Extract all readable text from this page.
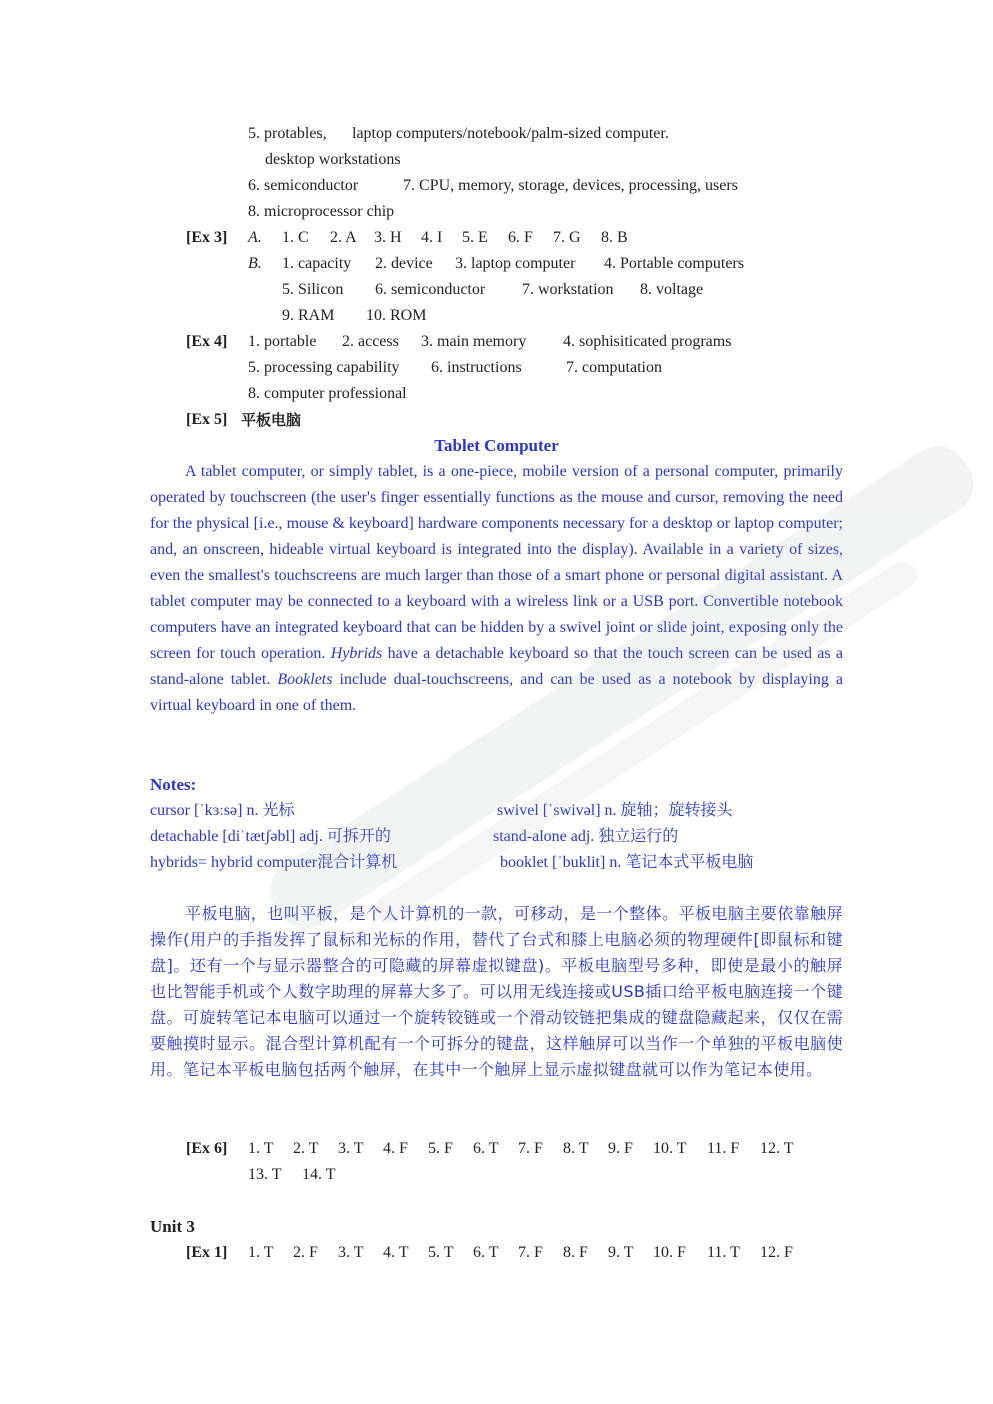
5. protables, laptop computers/notebook/palm-sized computer.
desktop workstations
6. semiconductor	7. CPU, memory, storage, devices, processing, users
8. microprocessor chip
[Ex 3] A. 1. C 2. A 3. H 4. I 5. E 6. F 7. G 8. B
B. 1. capacity 2. device 3. laptop computer 4. Portable computers
5. Silicon 6. semiconductor 7. workstation 8. voltage
9. RAM 10. ROM
[Ex 4] 1. portable 2. access 3. main memory 4. sophisiticated programs
5. processing capability 6. instructions	7. computation
8. computer professional
[Ex 5] 平板电脑
Tablet Computer
A tablet computer, or simply tablet, is a one-piece, mobile version of a personal computer, primarily operated by touchscreen (the user's finger essentially functions as the mouse and cursor, removing the need for the physical [i.e., mouse & keyboard] hardware components necessary for a desktop or laptop computer; and, an onscreen, hideable virtual keyboard is integrated into the display). Available in a variety of sizes, even the smallest's touchscreens are much larger than those of a smart phone or personal digital assistant. A tablet computer may be connected to a keyboard with a wireless link or a USB port. Convertible notebook computers have an integrated keyboard that can be hidden by a swivel joint or slide joint, exposing only the screen for touch operation. Hybrids have a detachable keyboard so that the touch screen can be used as a stand-alone tablet. Booklets include dual-touchscreens, and can be used as a notebook by displaying a virtual keyboard in one of them.
Notes:
cursor [ˈkɜːsə] n. 光标	swivel [ˈswivəl] n. 旋轴；旋转接头
detachable [diˈtætʃəbl] adj. 可拆开的	stand-alone adj. 独立运行的
hybrids= hybrid computer混合计算机	booklet [ˈbuklit] n. 笔记本式平板电脑
平板电脑，也叫平板，是个人计算机的一款，可移动，是一个整体。平板电脑主要依靠触屏操作(用户的手指发挥了鼠标和光标的作用，替代了台式和膝上电脑必须的物理硬件[即鼠标和键盘]。还有一个与显示器整合的可隐藏的屏幕虚拟键盘)。平板电脑型号多种，即使是最小的触屏也比智能手机或个人数字助理的屏幕大多了。可以用无线连接或USB插口给平板电脑连接一个键盘。可旋转笔记本电脑可以通过一个旋转铰链或一个滑动铰链把集成的键盘隐藏起来，仅仅在需要触摸时显示。混合型计算机配有一个可拆分的键盘，这样触屏可以当作一个单独的平板电脑使用。笔记本平板电脑包括两个触屏，在其中一个触屏上显示虚拟键盘就可以作为笔记本使用。
[Ex 6] 1. T 2. T 3. T 4. F 5. F 6. T 7. F 8. T 9. F 10. T 11. F 12. T
13. T 14. T
Unit 3
[Ex 1] 1. T 2. F 3. T 4. T 5. T 6. T 7. F 8. F 9. T 10. F 11. T 12. F
